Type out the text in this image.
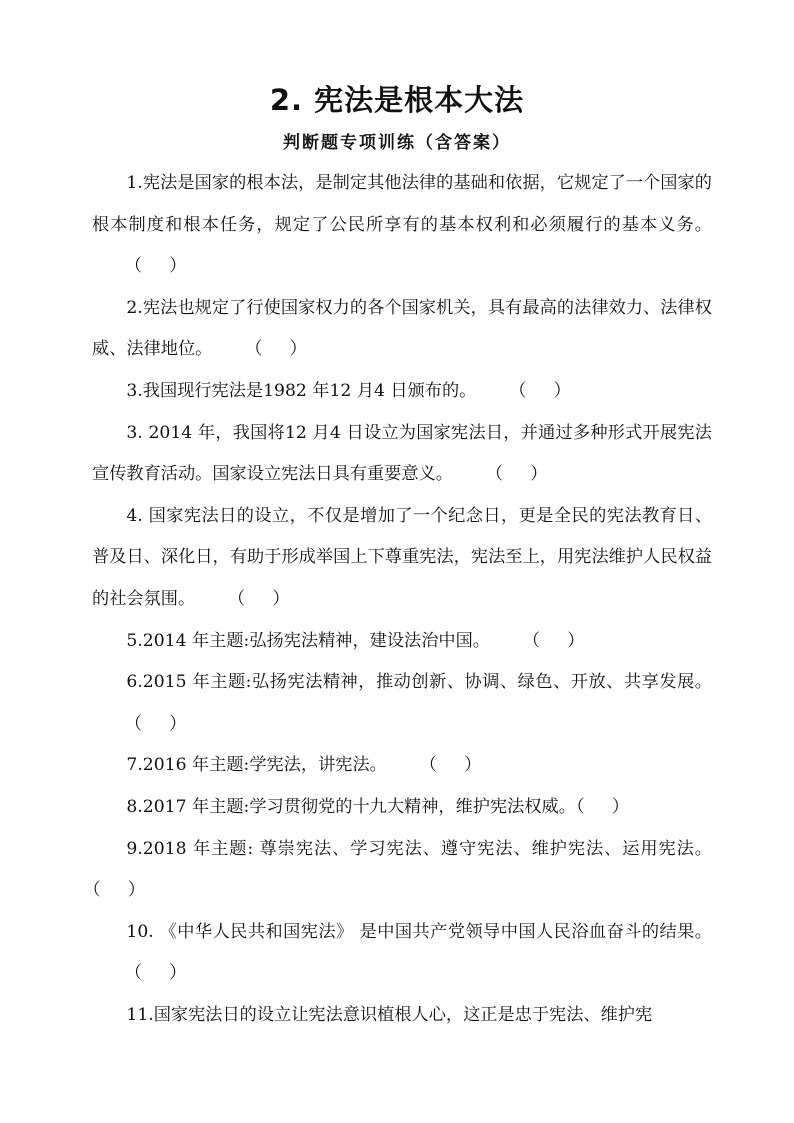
2. 宪法是根本大法
判断题专项训练（含答案）

1.宪法是国家的根本法，是制定其他法律的基础和依据，它规定了一个国家的根本制度和根本任务，规定了公民所享有的基本权利和必须履行的基本义务。      （     ）

2.宪法也规定了行使国家权力的各个国家机关，具有最高的法律效力、法律权威、法律地位。      （     ）

3.我国现行宪法是1982 年12 月4 日颁布的。      （     ）

3. 2014 年，我国将12 月4 日设立为国家宪法日，并通过多种形式开展宪法宣传教育活动。国家设立宪法日具有重要意义。      （     ）

4. 国家宪法日的设立，不仅是增加了一个纪念日，更是全民的宪法教育日、普及日、深化日，有助于形成举国上下尊重宪法，宪法至上，用宪法维护人民权益的社会氛围。      （     ）

5.2014 年主题:弘扬宪法精神，建设法治中国。      （     ）

6.2015 年主题:弘扬宪法精神，推动创新、协调、绿色、开放、共享发展。      （     ）

7.2016 年主题:学宪法，讲宪法。      （     ）

8.2017 年主题:学习贯彻党的十九大精神，维护宪法权威。（     ）

9.2018 年主题: 尊崇宪法、学习宪法、遵守宪法、维护宪法、运用宪法。（     ）

10. 《中华人民共和国宪法》 是中国共产党领导中国人民浴血奋斗的结果。      （     ）

11.国家宪法日的设立让宪法意识植根人心，这正是忠于宪法、维护宪
